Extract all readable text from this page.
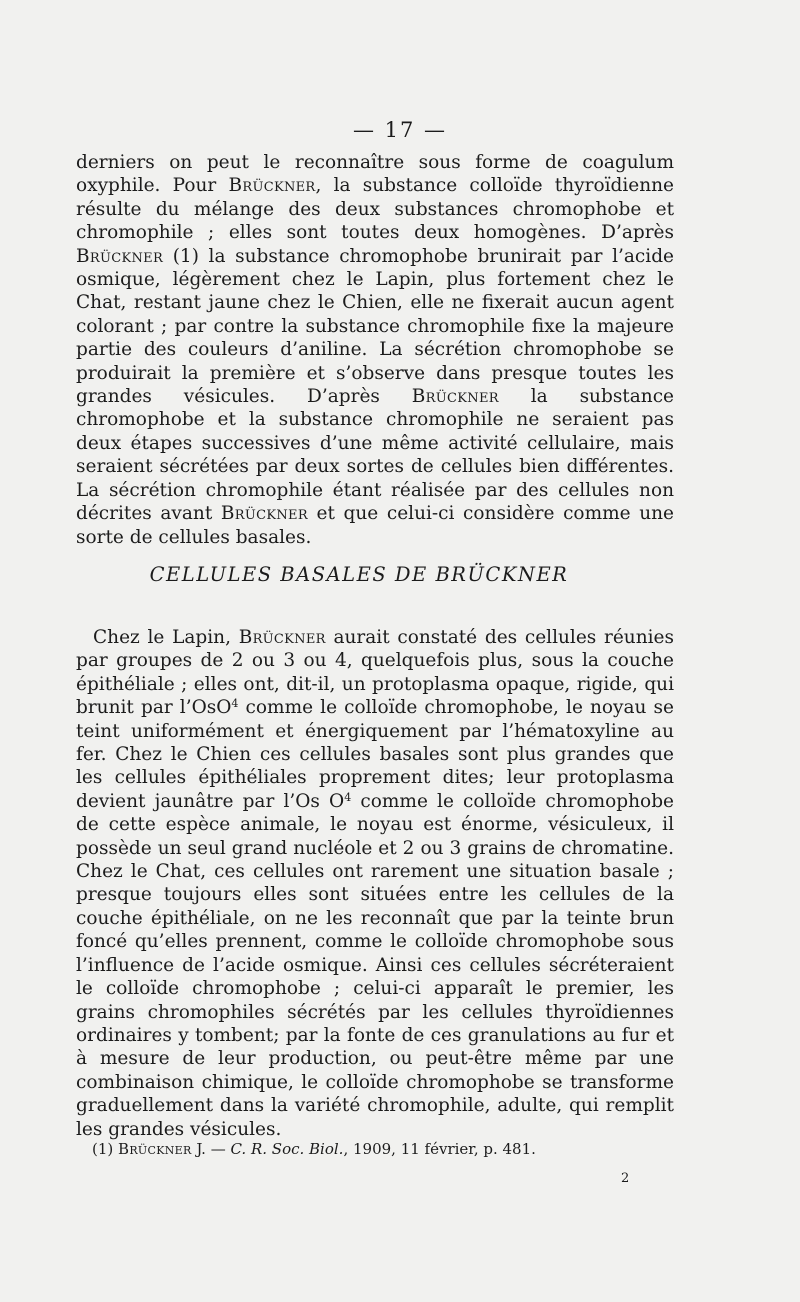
— 17 —

derniers on peut le reconnaître sous forme de coagulum oxyphile. Pour Brückner, la substance colloïde thyroïdienne résulte du mélange des deux substances chromophobe et chromophile ; elles sont toutes deux homogènes. D’après Brückner (1) la substance chromophobe brunirait par l’acide osmique, légèrement chez le Lapin, plus fortement chez le Chat, restant jaune chez le Chien, elle ne fixerait aucun agent colorant ; par contre la substance chromophile fixe la majeure partie des couleurs d’aniline. La sécrétion chromophobe se produirait la première et s’observe dans presque toutes les grandes vésicules. D’après Brückner la substance chromophobe et la substance chromophile ne seraient pas deux étapes successives d’une même activité cellulaire, mais seraient sécrétées par deux sortes de cellules bien différentes. La sécrétion chromophile étant réalisée par des cellules non décrites avant Brückner et que celui-ci considère comme une sorte de cellules basales.

CELLULES BASALES DE BRÜCKNER

Chez le Lapin, Brückner aurait constaté des cellules réunies par groupes de 2 ou 3 ou 4, quelquefois plus, sous la couche épithéliale ; elles ont, dit-il, un protoplasma opaque, rigide, qui brunit par l’OsO$^4$ comme le colloïde chromophobe, le noyau se teint uniformément et énergiquement par l’hématoxyline au fer. Chez le Chien ces cellules basales sont plus grandes que les cellules épithéliales proprement dites; leur protoplasma devient jaunâtre par l’Os $O^4$ comme le colloïde chromophobe de cette espèce animale, le noyau est énorme, vésiculeux, il possède un seul grand nucléole et 2 ou 3 grains de chromatine. Chez le Chat, ces cellules ont rarement une situation basale ; presque toujours elles sont situées entre les cellules de la couche épithéliale, on ne les reconnaît que par la teinte brun foncé qu’elles prennent, comme le colloïde chromophobe sous l’influence de l’acide osmique. Ainsi ces cellules sécréteraient le colloïde chromophobe ; celui-ci apparaît le premier, les grains chromophiles sécrétés par les cellules thyroïdiennes ordinaires y tombent; par la fonte de ces granulations au fur et à mesure de leur production, ou peut-être même par une combinaison chimique, le colloïde chromophobe se transforme graduellement dans la variété chromophile, adulte, qui remplit les grandes vésicules.

(1) Brückner J. — C. R. Soc. Biol., 1909, 11 février, p. 481.
2
